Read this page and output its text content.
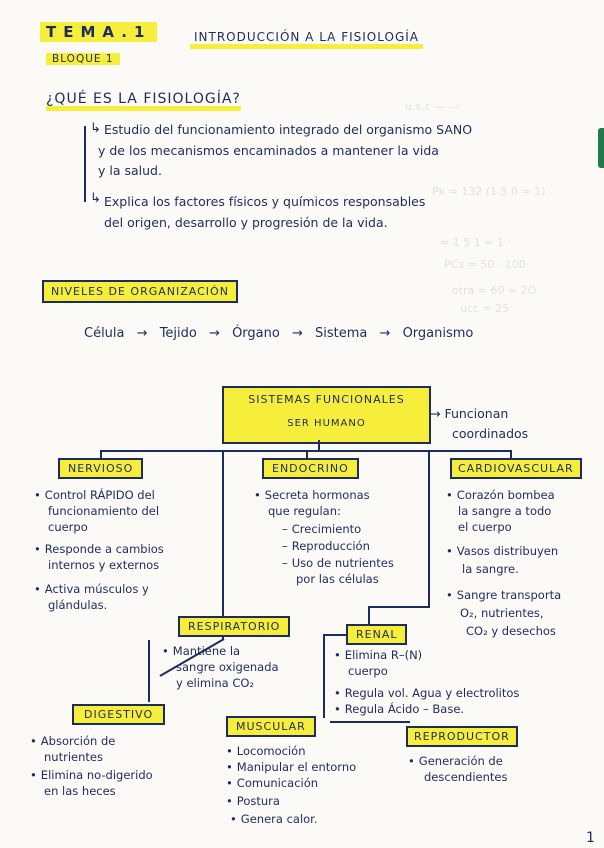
u.s.c — —
Pk = 132 (1 5 0 = 1)
= 1 5 1 = 1 ·
PCs = 50 · 100
otra = 60 = 2O
ucc = 25
TEMA.1
BLOQUE 1
INTRODUCCIÓN A LA FISIOLOGÍA
¿QUÉ ES LA FISIOLOGÍA?
↳ Estudio del funcionamiento integrado del organismo SANO
y de los mecanismos encaminados a mantener la vida
y la salud.
↳ Explica los factores físicos y químicos responsables
del origen, desarrollo y progresión de la vida.
NIVELES DE ORGANIZACIÓN
Célula → Tejido → Órgano → Sistema → Organismo
SISTEMAS FUNCIONALES
SER HUMANO
→ Funcionan
coordinados
NERVIOSO
• Control RÁPIDO del
funcionamiento del
cuerpo
• Responde a cambios
internos y externos
• Activa músculos y
glándulas.
ENDOCRINO
• Secreta hormonas
que regulan:
– Crecimiento
– Reproducción
– Uso de nutrientes
por las células
CARDIOVASCULAR
• Corazón bombea
la sangre a todo
el cuerpo
• Vasos distribuyen
la sangre.
• Sangre transporta
O₂, nutrientes,
CO₂ y desechos
RESPIRATORIO
• Mantiene la
sangre oxigenada
y elimina CO₂
RENAL
• Elimina R–(N)
cuerpo
• Regula vol. Agua y electrolitos
• Regula Ácido – Base.
DIGESTIVO
• Absorción de
nutrientes
• Elimina no-digerido
en las heces
MUSCULAR
• Locomoción
• Manipular el entorno
• Comunicación
• Postura
• Genera calor.
REPRODUCTOR
• Generación de
descendientes
1
